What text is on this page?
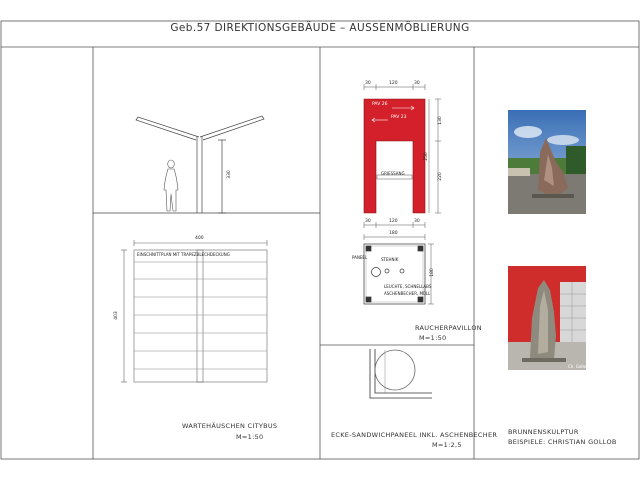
Geb.57 DIREKTIONSGEBÄUDE – AUSSENMÖBLIERUNG
330
400
403
EINSCHNITTPLAN MIT TRAPEZBLECHDECKUNG
WARTEHÄUSCHEN CITYBUS
M=1:50
30	120	30
130
250
220
PAV 26
PAV 23
GRIESSANG
30	120	30
180
180
PANEEL	STEHNIK
LEUCHTE, SCHNELLABS
ASCHENBECHER, MÜLL
RAUCHERPAVILLON
M=1:50
ECKE-SANDWICHPANEEL INKL. ASCHENBECHER
M=1:2,5
Ch. Gollob
BRUNNENSKULPTUR
BEISPIELE: CHRISTIAN GOLLOB
